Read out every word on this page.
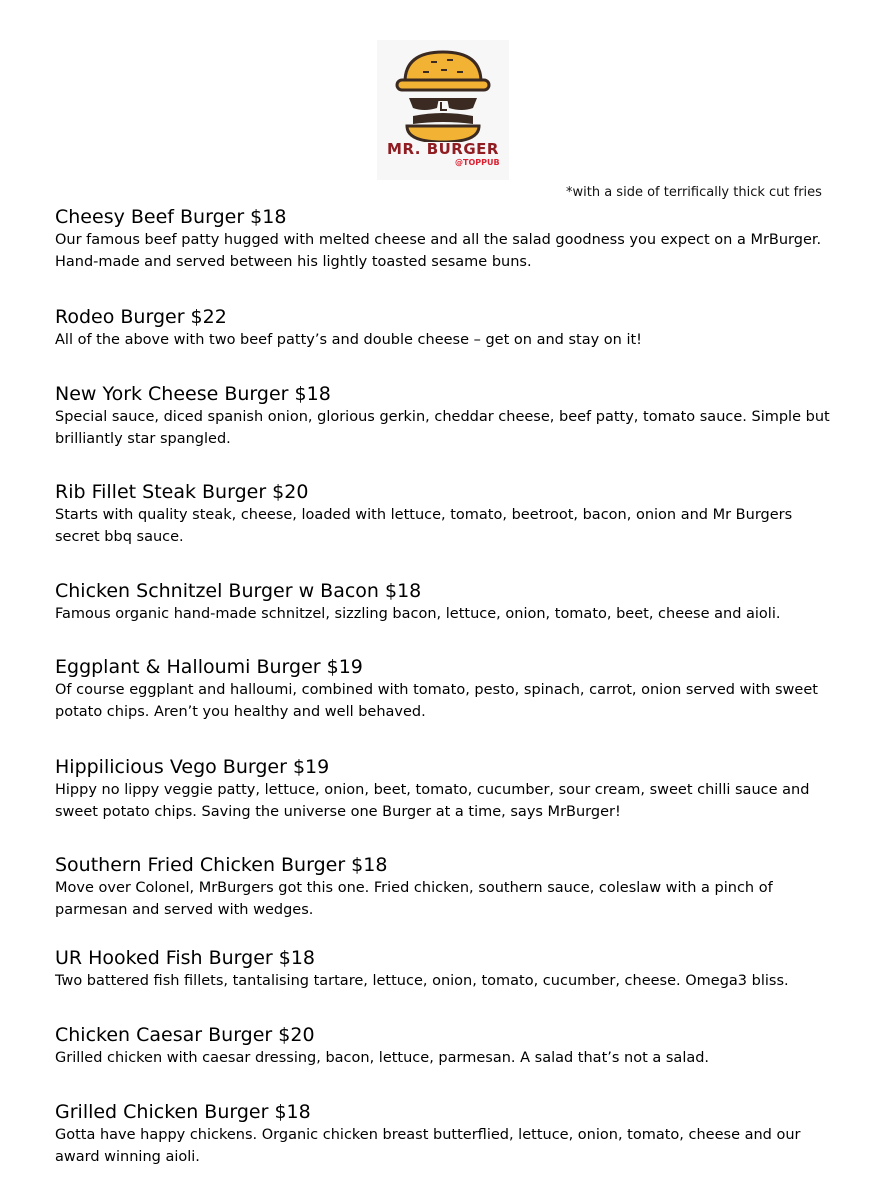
MR. BURGER
@TOPPUB
*with a side of terrifically thick cut fries
Cheesy Beef Burger $18

Our famous beef patty hugged with melted cheese and all the salad goodness you expect on a MrBurger. Hand-made and served between his lightly toasted sesame buns.

Rodeo Burger $22

All of the above with two beef patty’s and double cheese – get on and stay on it!

New York Cheese Burger $18

Special sauce, diced spanish onion, glorious gerkin, cheddar cheese, beef patty, tomato sauce. Simple but brilliantly star spangled.

Rib Fillet Steak Burger $20

Starts with quality steak, cheese, loaded with lettuce, tomato, beetroot, bacon, onion and Mr Burgers secret bbq sauce.

Chicken Schnitzel Burger w Bacon $18

Famous organic hand-made schnitzel, sizzling bacon, lettuce, onion, tomato, beet, cheese and aioli.

Eggplant & Halloumi Burger $19

Of course eggplant and halloumi, combined with tomato, pesto, spinach, carrot, onion served with sweet potato chips. Aren’t you healthy and well behaved.

Hippilicious Vego Burger $19

Hippy no lippy veggie patty, lettuce, onion, beet, tomato, cucumber, sour cream, sweet chilli sauce and sweet potato chips. Saving the universe one Burger at a time, says MrBurger!

Southern Fried Chicken Burger $18

Move over Colonel, MrBurgers got this one. Fried chicken, southern sauce, coleslaw with a pinch of parmesan and served with wedges.

UR Hooked Fish Burger $18

Two battered fish fillets, tantalising tartare, lettuce, onion, tomato, cucumber, cheese. Omega3 bliss.

Chicken Caesar Burger $20

Grilled chicken with caesar dressing, bacon, lettuce, parmesan. A salad that’s not a salad.

Grilled Chicken Burger $18

Gotta have happy chickens. Organic chicken breast butterflied, lettuce, onion, tomato, cheese and our award winning aioli.
